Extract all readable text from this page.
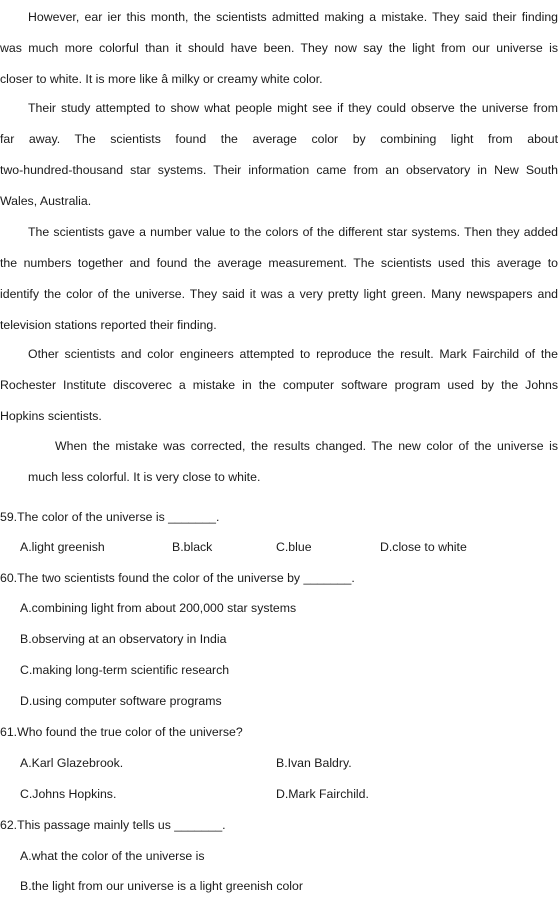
However, ear ier this month, the scientists admitted making a mistake. They said their finding
was much more colorful than it should have been. They now say the light from our universe is
closer to white. It is more like â milky or creamy white color.
Their study attempted to show what people might see if they could observe the universe from
far away. The scientists found the average color by combining light from about
two-hundred-thousand star systems. Their information came from an observatory in New South
Wales, Australia.
The scientists gave a number value to the colors of the different star systems. Then they added
the numbers together and found the average measurement. The scientists used this average to
identify the color of the universe. They said it was a very pretty light green. Many newspapers and
television stations reported their finding.
Other scientists and color engineers attempted to reproduce the result. Mark Fairchild of the
Rochester Institute discoverec a mistake in the computer software program used by the Johns
Hopkins scientists.
When the mistake was corrected, the results changed. The new color of the universe is
much less colorful. It is very close to white.
59.The color of the universe is _______.
A.light greenish	B.black	C.blue	D.close to white
60.The two scientists found the color of the universe by _______.
A.combining light from about 200,000 star systems
B.observing at an observatory in India
C.making long-term scientific research
D.using computer software programs
61.Who found the true color of the universe?
A.Karl Glazebrook.	B.Ivan Baldry.
C.Johns Hopkins.	D.Mark Fairchild.
62.This passage mainly tells us _______.
A.what the color of the universe is
B.the light from our universe is a light greenish color
